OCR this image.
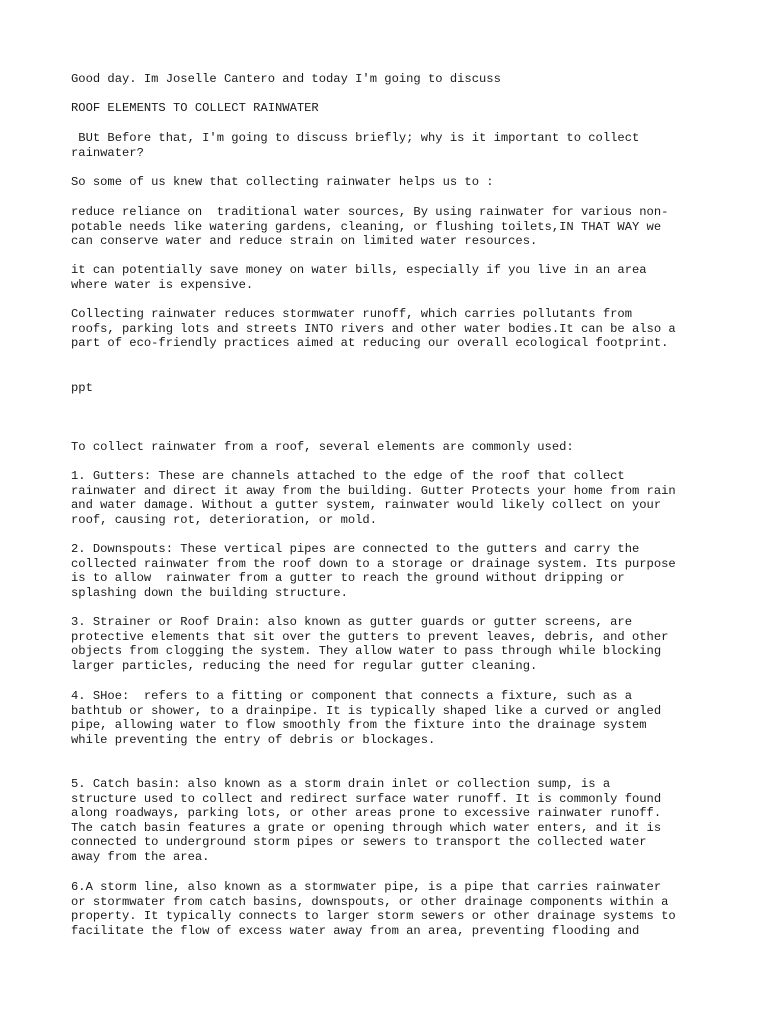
Good day. Im Joselle Cantero and today I'm going to discuss

ROOF ELEMENTS TO COLLECT RAINWATER

BUt Before that, I'm going to discuss briefly; why is it important to collect
rainwater?

So some of us knew that collecting rainwater helps us to :

reduce reliance on  traditional water sources, By using rainwater for various non-
potable needs like watering gardens, cleaning, or flushing toilets,IN THAT WAY we
can conserve water and reduce strain on limited water resources.

it can potentially save money on water bills, especially if you live in an area
where water is expensive.

Collecting rainwater reduces stormwater runoff, which carries pollutants from
roofs, parking lots and streets INTO rivers and other water bodies.It can be also a
part of eco-friendly practices aimed at reducing our overall ecological footprint.

ppt

To collect rainwater from a roof, several elements are commonly used:

1. Gutters: These are channels attached to the edge of the roof that collect
rainwater and direct it away from the building. Gutter Protects your home from rain
and water damage. Without a gutter system, rainwater would likely collect on your
roof, causing rot, deterioration, or mold.

2. Downspouts: These vertical pipes are connected to the gutters and carry the
collected rainwater from the roof down to a storage or drainage system. Its purpose
is to allow  rainwater from a gutter to reach the ground without dripping or
splashing down the building structure.

3. Strainer or Roof Drain: also known as gutter guards or gutter screens, are
protective elements that sit over the gutters to prevent leaves, debris, and other
objects from clogging the system. They allow water to pass through while blocking
larger particles, reducing the need for regular gutter cleaning.

4. SHoe:  refers to a fitting or component that connects a fixture, such as a
bathtub or shower, to a drainpipe. It is typically shaped like a curved or angled
pipe, allowing water to flow smoothly from the fixture into the drainage system
while preventing the entry of debris or blockages.

5. Catch basin: also known as a storm drain inlet or collection sump, is a
structure used to collect and redirect surface water runoff. It is commonly found
along roadways, parking lots, or other areas prone to excessive rainwater runoff.
The catch basin features a grate or opening through which water enters, and it is
connected to underground storm pipes or sewers to transport the collected water
away from the area.

6.A storm line, also known as a stormwater pipe, is a pipe that carries rainwater
or stormwater from catch basins, downspouts, or other drainage components within a
property. It typically connects to larger storm sewers or other drainage systems to
facilitate the flow of excess water away from an area, preventing flooding and
